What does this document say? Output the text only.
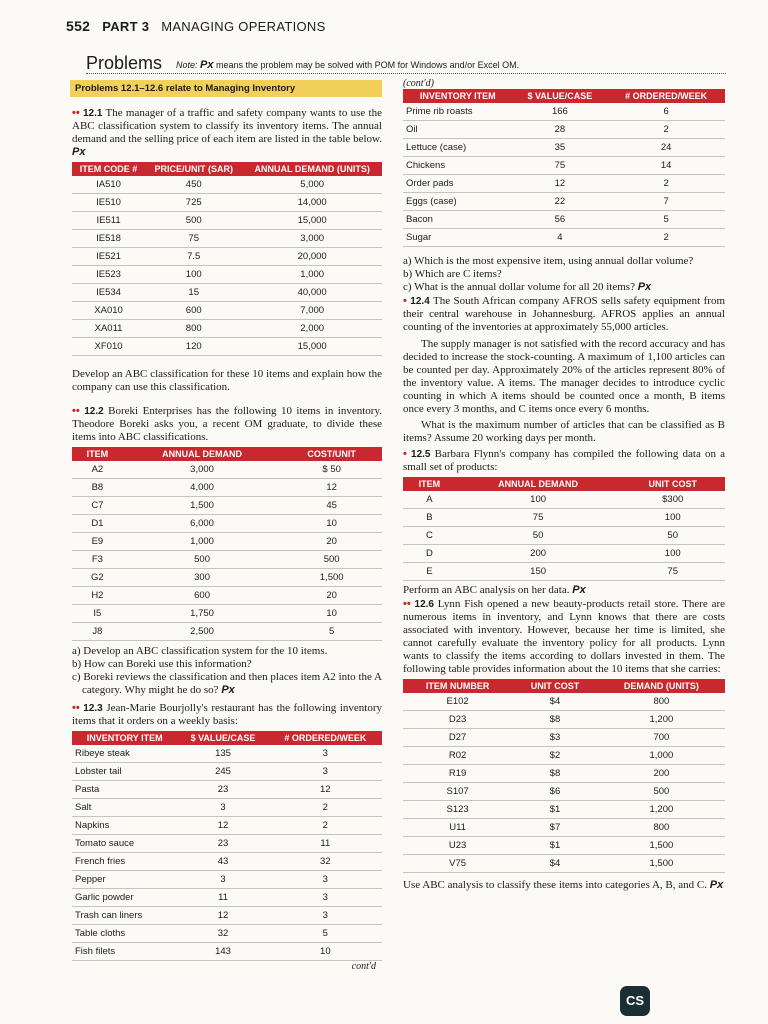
552 PART 3 MANAGING OPERATIONS
Problems Note: Px means the problem may be solved with POM for Windows and/or Excel OM.
Problems 12.1–12.6 relate to Managing Inventory

•• 12.1 The manager of a traffic and safety company wants to use the ABC classification system to classify its inventory items. The annual demand and the selling price of each item are listed in the table below. Px

ITEM CODE #	PRICE/UNIT (SAR)	ANNUAL DEMAND (UNITS)
IA510	450	5,000
IE510	725	14,000
IE511	500	15,000
IE518	75	3,000
IE521	7.5	20,000
IE523	100	1,000
IE534	15	40,000
XA010	600	7,000
XA011	800	2,000
XF010	120	15,000

Develop an ABC classification for these 10 items and explain how the company can use this classification.

•• 12.2 Boreki Enterprises has the following 10 items in inventory. Theodore Boreki asks you, a recent OM graduate, to divide these items into ABC classifications.

ITEM	ANNUAL DEMAND	COST/UNIT
A2	3,000	$ 50
B8	4,000	12
C7	1,500	45
D1	6,000	10
E9	1,000	20
F3	500	500
G2	300	1,500
H2	600	20
I5	1,750	10
J8	2,500	5

a) Develop an ABC classification system for the 10 items.

b) How can Boreki use this information?

c) Boreki reviews the classification and then places item A2 into the A category. Why might he do so? Px

•• 12.3 Jean-Marie Bourjolly's restaurant has the following inventory items that it orders on a weekly basis:

INVENTORY ITEM	$ VALUE/CASE	# ORDERED/WEEK
Ribeye steak	135	3
Lobster tail	245	3
Pasta	23	12
Salt	3	2
Napkins	12	2
Tomato sauce	23	11
French fries	43	32
Pepper	3	3
Garlic powder	11	3
Trash can liners	12	3
Table cloths	32	5
Fish filets	143	10
cont'd
(cont'd)
INVENTORY ITEM	$ VALUE/CASE	# ORDERED/WEEK
Prime rib roasts	166	6
Oil	28	2
Lettuce (case)	35	24
Chickens	75	14
Order pads	12	2
Eggs (case)	22	7
Bacon	56	5
Sugar	4	2

a) Which is the most expensive item, using annual dollar volume?

b) Which are C items?

c) What is the annual dollar volume for all 20 items? Px

• 12.4 The South African company AFROS sells safety equipment from their central warehouse in Johannesburg. AFROS applies an annual counting of the inventories at approximately 55,000 articles.

The supply manager is not satisfied with the record accuracy and has decided to increase the stock-counting. A maximum of 1,100 articles can be counted per day. Approximately 20% of the articles represent 80% of the inventory value. A items. The manager decides to introduce cyclic counting in which A items should be counted once a month, B items once every 3 months, and C items once every 6 months.

What is the maximum number of articles that can be classified as B items? Assume 20 working days per month.

• 12.5 Barbara Flynn's company has compiled the following data on a small set of products:

ITEM	ANNUAL DEMAND	UNIT COST
A	100	$300
B	75	100
C	50	50
D	200	100
E	150	75

Perform an ABC analysis on her data. Px

•• 12.6 Lynn Fish opened a new beauty-products retail store. There are numerous items in inventory, and Lynn knows that there are costs associated with inventory. However, because her time is limited, she cannot carefully evaluate the inventory policy for all products. Lynn wants to classify the items according to dollars invested in them. The following table provides information about the 10 items that she carries:

ITEM NUMBER	UNIT COST	DEMAND (UNITS)
E102	$4	800
D23	$8	1,200
D27	$3	700
R02	$2	1,000
R19	$8	200
S107	$6	500
S123	$1	1,200
U11	$7	800
U23	$1	1,500
V75	$4	1,500

Use ABC analysis to classify these items into categories A, B, and C. Px

CS
